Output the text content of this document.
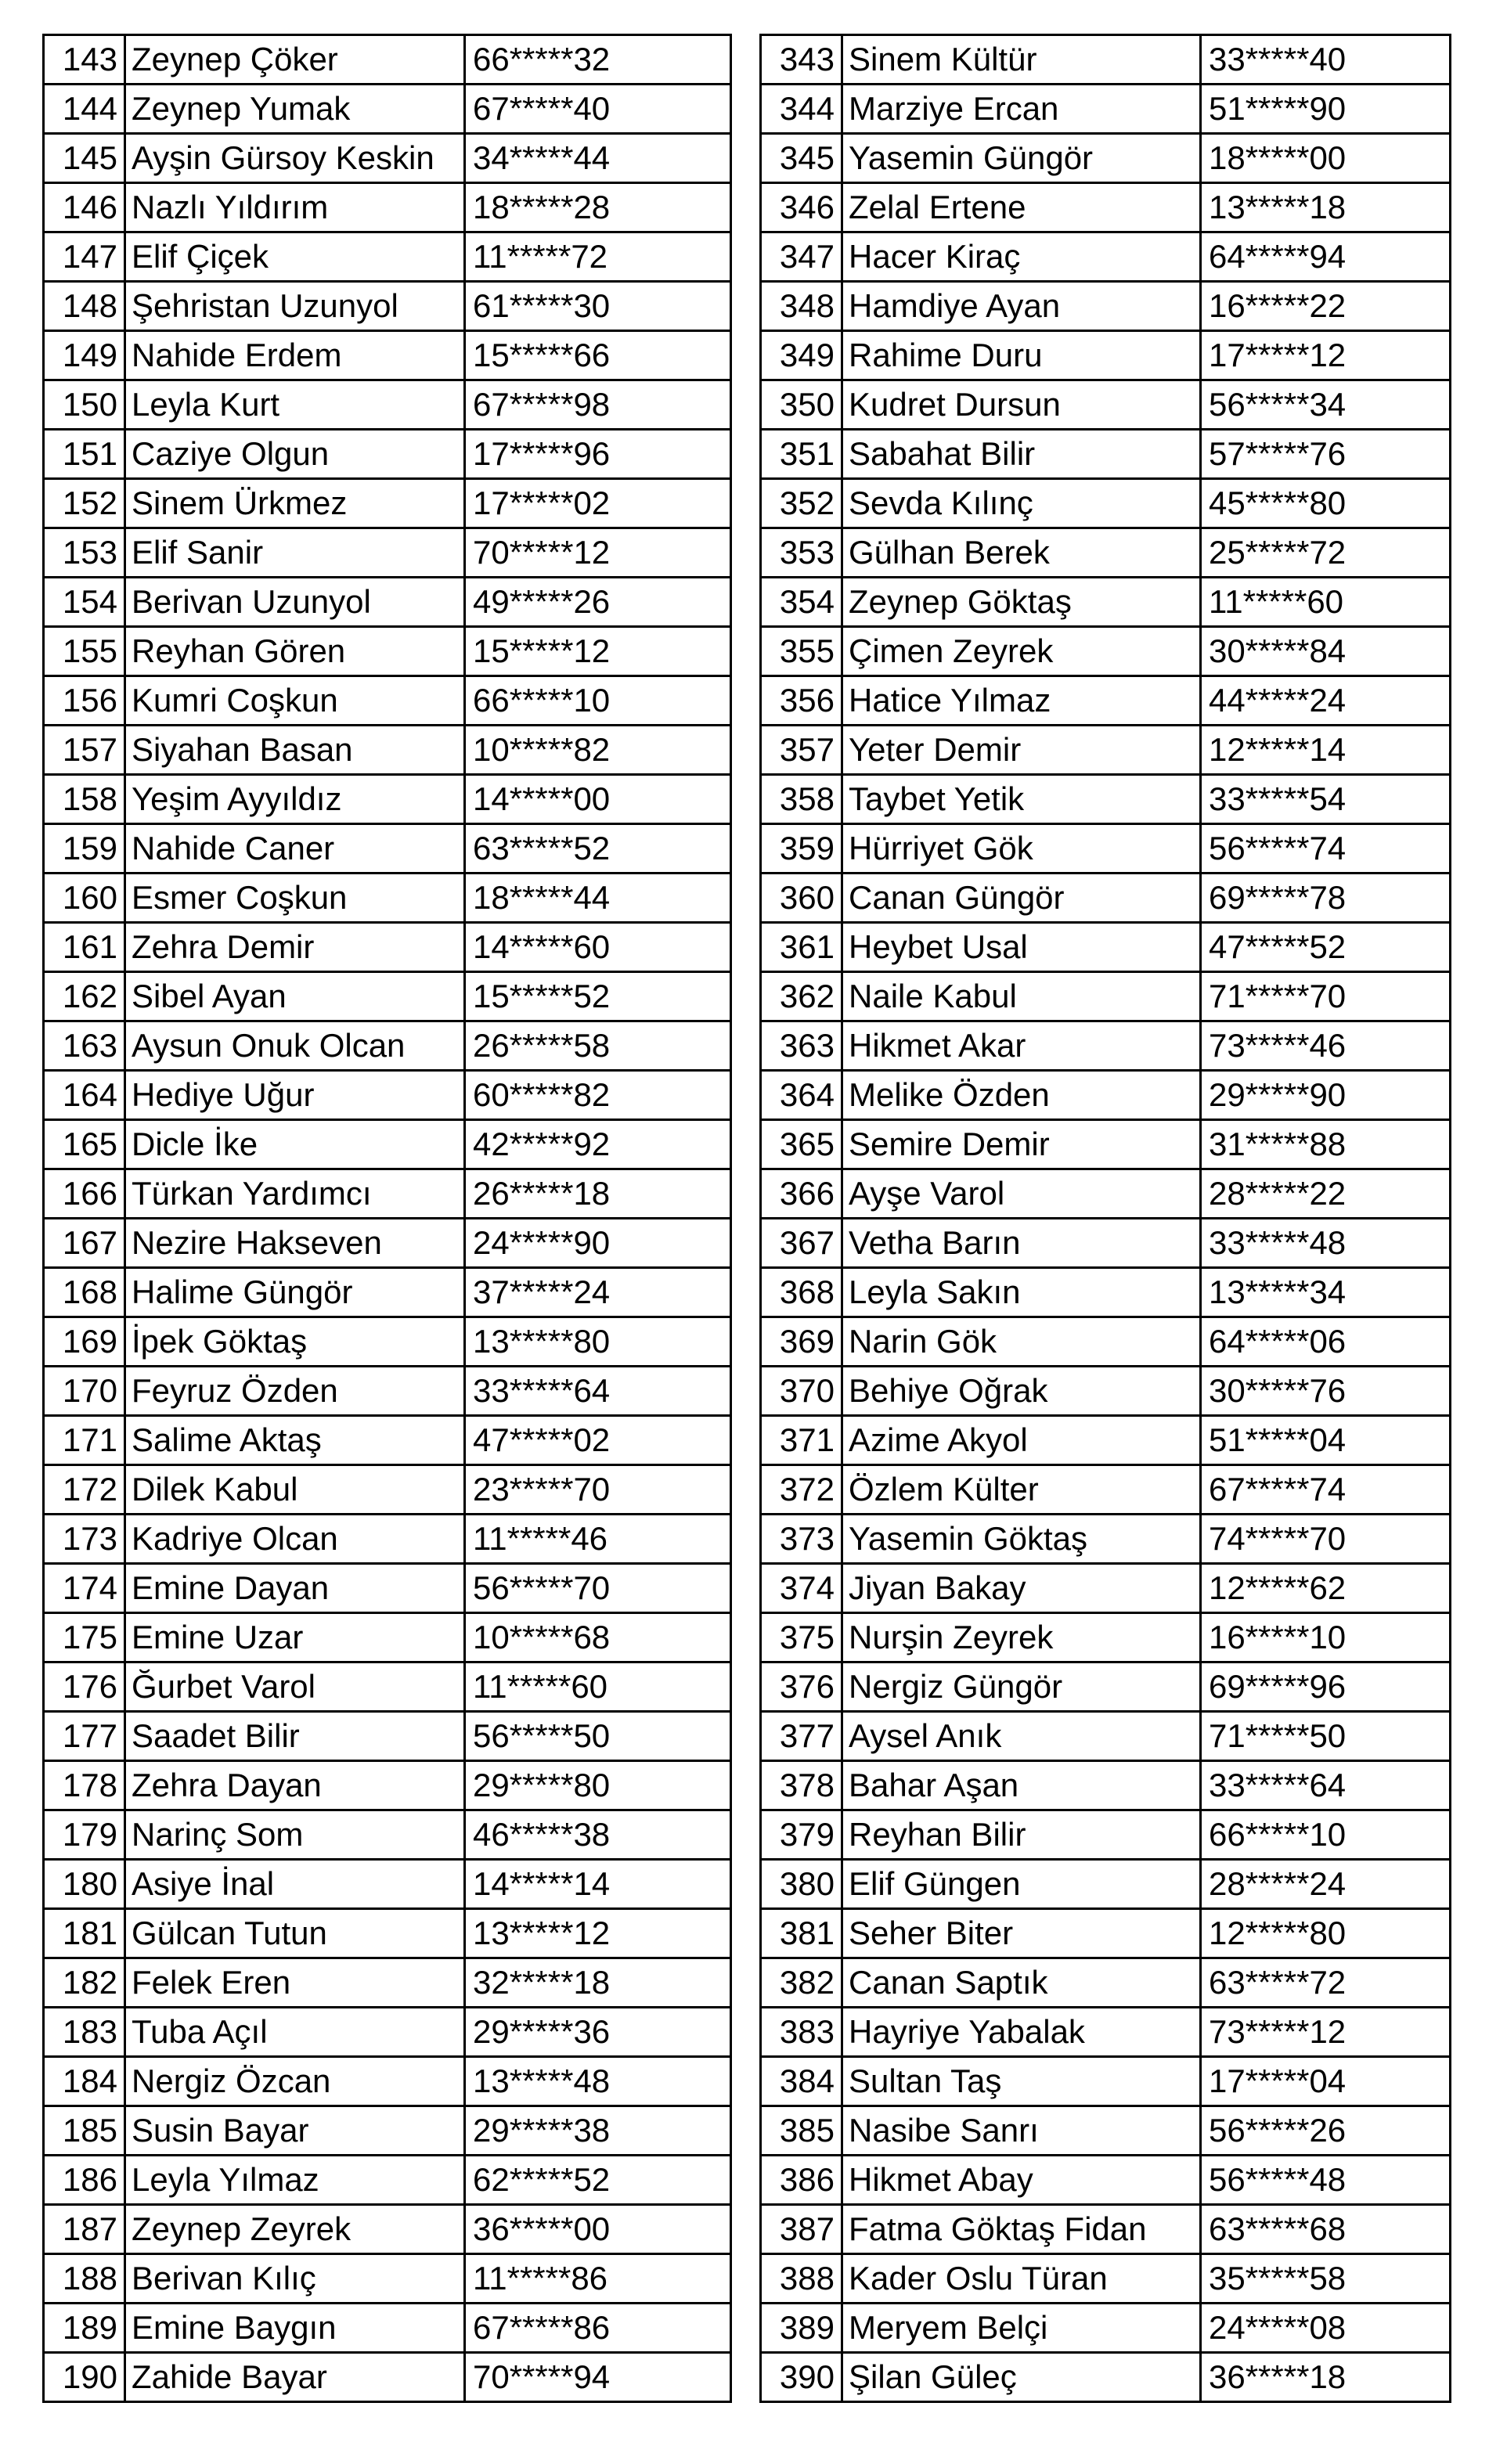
143	Zeynep Çöker	66*****32		343	Sinem Kültür	33*****40
144	Zeynep Yumak	67*****40		344	Marziye Ercan	51*****90
145	Ayşin Gürsoy Keskin	34*****44		345	Yasemin Güngör	18*****00
146	Nazlı Yıldırım	18*****28		346	Zelal Ertene	13*****18
147	Elif Çiçek	11*****72		347	Hacer Kiraç	64*****94
148	Şehristan Uzunyol	61*****30		348	Hamdiye Ayan	16*****22
149	Nahide Erdem	15*****66		349	Rahime Duru	17*****12
150	Leyla Kurt	67*****98		350	Kudret Dursun	56*****34
151	Caziye Olgun	17*****96		351	Sabahat Bilir	57*****76
152	Sinem Ürkmez	17*****02		352	Sevda Kılınç	45*****80
153	Elif Sanir	70*****12		353	Gülhan Berek	25*****72
154	Berivan Uzunyol	49*****26		354	Zeynep Göktaş	11*****60
155	Reyhan Gören	15*****12		355	Çimen Zeyrek	30*****84
156	Kumri Coşkun	66*****10		356	Hatice Yılmaz	44*****24
157	Siyahan Basan	10*****82		357	Yeter Demir	12*****14
158	Yeşim Ayyıldız	14*****00		358	Taybet Yetik	33*****54
159	Nahide Caner	63*****52		359	Hürriyet Gök	56*****74
160	Esmer Coşkun	18*****44		360	Canan Güngör	69*****78
161	Zehra Demir	14*****60		361	Heybet Usal	47*****52
162	Sibel Ayan	15*****52		362	Naile Kabul	71*****70
163	Aysun Onuk Olcan	26*****58		363	Hikmet Akar	73*****46
164	Hediye Uğur	60*****82		364	Melike Özden	29*****90
165	Dicle İke	42*****92		365	Semire Demir	31*****88
166	Türkan Yardımcı	26*****18		366	Ayşe Varol	28*****22
167	Nezire Hakseven	24*****90		367	Vetha Barın	33*****48
168	Halime Güngör	37*****24		368	Leyla Sakın	13*****34
169	İpek Göktaş	13*****80		369	Narin Gök	64*****06
170	Feyruz Özden	33*****64		370	Behiye Oğrak	30*****76
171	Salime Aktaş	47*****02		371	Azime Akyol	51*****04
172	Dilek Kabul	23*****70		372	Özlem Külter	67*****74
173	Kadriye Olcan	11*****46		373	Yasemin Göktaş	74*****70
174	Emine Dayan	56*****70		374	Jiyan Bakay	12*****62
175	Emine Uzar	10*****68		375	Nurşin Zeyrek	16*****10
176	Ğurbet Varol	11*****60		376	Nergiz Güngör	69*****96
177	Saadet Bilir	56*****50		377	Aysel Anık	71*****50
178	Zehra Dayan	29*****80		378	Bahar Aşan	33*****64
179	Narinç Som	46*****38		379	Reyhan Bilir	66*****10
180	Asiye İnal	14*****14		380	Elif Güngen	28*****24
181	Gülcan Tutun	13*****12		381	Seher Biter	12*****80
182	Felek Eren	32*****18		382	Canan Saptık	63*****72
183	Tuba Açıl	29*****36		383	Hayriye Yabalak	73*****12
184	Nergiz Özcan	13*****48		384	Sultan Taş	17*****04
185	Susin Bayar	29*****38		385	Nasibe Sanrı	56*****26
186	Leyla Yılmaz	62*****52		386	Hikmet Abay	56*****48
187	Zeynep Zeyrek	36*****00		387	Fatma Göktaş Fidan	63*****68
188	Berivan Kılıç	11*****86		388	Kader Oslu Türan	35*****58
189	Emine Baygın	67*****86		389	Meryem Belçi	24*****08
190	Zahide Bayar	70*****94		390	Şilan Güleç	36*****18
